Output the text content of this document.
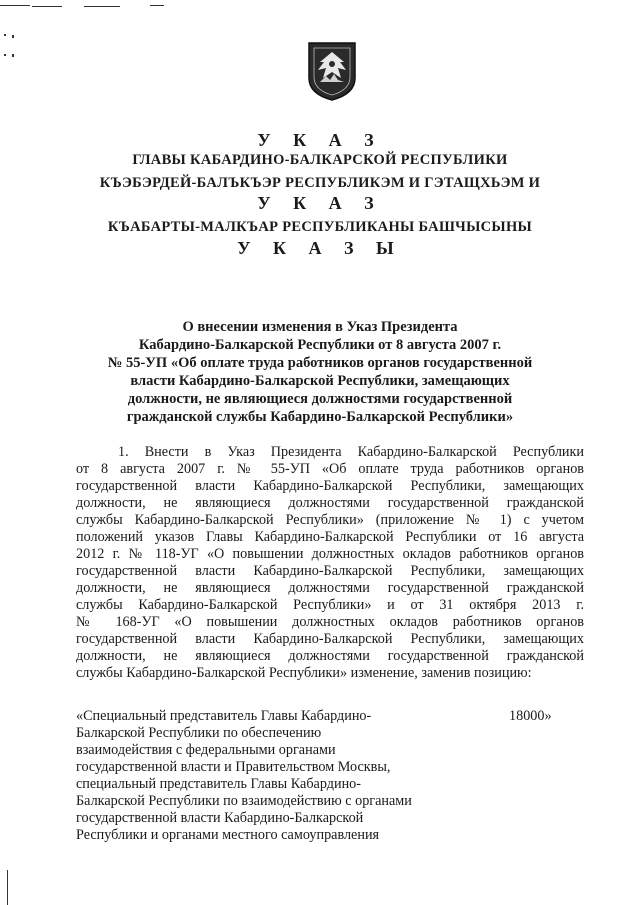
У К А З
ГЛАВЫ КАБАРДИНО-БАЛКАРСКОЙ РЕСПУБЛИКИ
КЪЭБЭРДЕЙ-БАЛЪКЪЭР РЕСПУБЛИКЭМ И ГЭТАЩХЬЭМ И
У К А З
КЪАБАРТЫ-МАЛКЪАР РЕСПУБЛИКАНЫ БАШЧЫСЫНЫ
У К А З Ы
О внесении изменения в Указ Президента
Кабардино-Балкарской Республики от 8 августа 2007 г.
№ 55-УП «Об оплате труда работников органов государственной
власти Кабардино-Балкарской Республики, замещающих
должности, не являющиеся должностями государственной
гражданской службы Кабардино-Балкарской Республики»
1. Внести в Указ Президента Кабардино-Балкарской Республики
от 8 августа 2007 г. № 55-УП «Об оплате труда работников органов
государственной власти Кабардино-Балкарской Республики, замещающих
должности, не являющиеся должностями государственной гражданской
службы Кабардино-Балкарской Республики» (приложение № 1) с учетом
положений указов Главы Кабардино-Балкарской Республики от 16 августа
2012 г. № 118-УГ «О повышении должностных окладов работников органов
государственной власти Кабардино-Балкарской Республики, замещающих
должности, не являющиеся должностями государственной гражданской
службы Кабардино-Балкарской Республики» и от 31 октября 2013 г.
№ 168-УГ «О повышении должностных окладов работников органов
государственной власти Кабардино-Балкарской Республики, замещающих
должности, не являющиеся должностями государственной гражданской
службы Кабардино-Балкарской Республики» изменение, заменив позицию:
«Специальный представитель Главы Кабардино-
Балкарской Республики по обеспечению
взаимодействия с федеральными органами
государственной власти и Правительством Москвы,
специальный представитель Главы Кабардино-
Балкарской Республики по взаимодействию с органами
государственной власти Кабардино-Балкарской
Республики и органами местного самоуправления
18000»
